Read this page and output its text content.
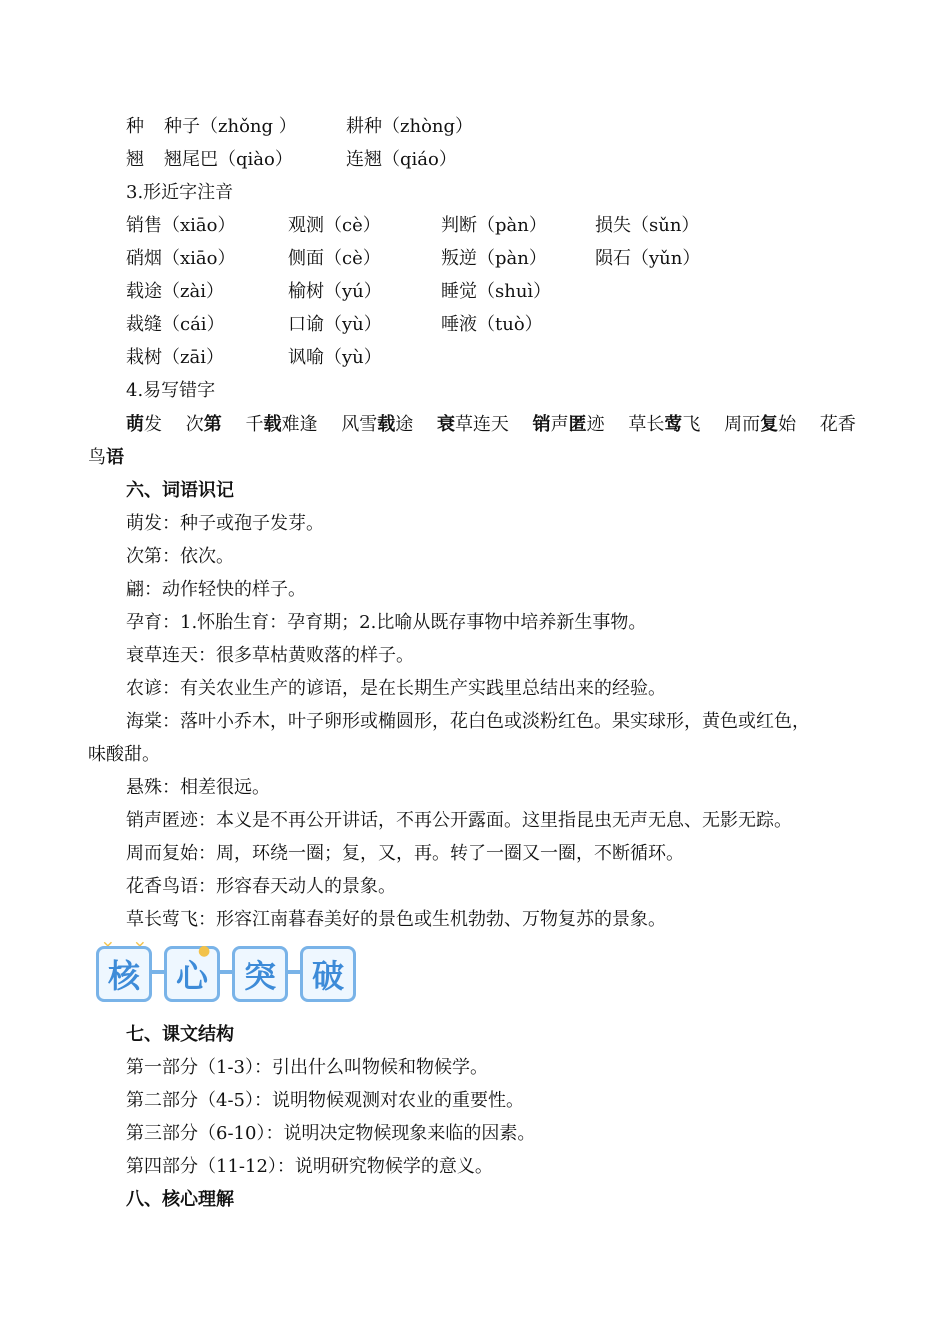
种 种子（zhǒng ）	耕种（zhòng）
翘 翘尾巴（qiào）	连翘（qiáo）
3.形近字注音
销售（xiāo）	观测（cè）	判断（pàn）	损失（sǔn）
硝烟（xiāo）	侧面（cè）	叛逆（pàn）	陨石（yǔn）
载途（zài）	榆树（yú）	睡觉（shuì）
裁缝（cái）	口谕（yù）	唾液（tuò）
栽树（zāi）	讽喻（yù）
4.易写错字
萌发 次第 千载难逢 风雪载途 衰草连天 销声匿迹 草长莺飞 周而复始 花香
鸟语
六、词语识记
萌发：种子或孢子发芽。
次第：依次。
翩：动作轻快的样子。
孕育：1.怀胎生育：孕育期；2.比喻从既存事物中培养新生事物。
衰草连天：很多草枯黄败落的样子。
农谚：有关农业生产的谚语，是在长期生产实践里总结出来的经验。
海棠：落叶小乔木，叶子卵形或椭圆形，花白色或淡粉红色。果实球形，黄色或红色，
味酸甜。
悬殊：相差很远。
销声匿迹：本义是不再公开讲话，不再公开露面。这里指昆虫无声无息、无影无踪。
周而复始：周，环绕一圈；复，又，再。转了一圈又一圈，不断循环。
花香鸟语：形容春天动人的景象。
草长莺飞：形容江南暮春美好的景色或生机勃勃、万物复苏的景象。
核	心	突	破
●
七、课文结构
第一部分（1-3）：引出什么叫物候和物候学。
第二部分（4-5）：说明物候观测对农业的重要性。
第三部分（6-10）：说明决定物候现象来临的因素。
第四部分（11-12）：说明研究物候学的意义。
八、核心理解
